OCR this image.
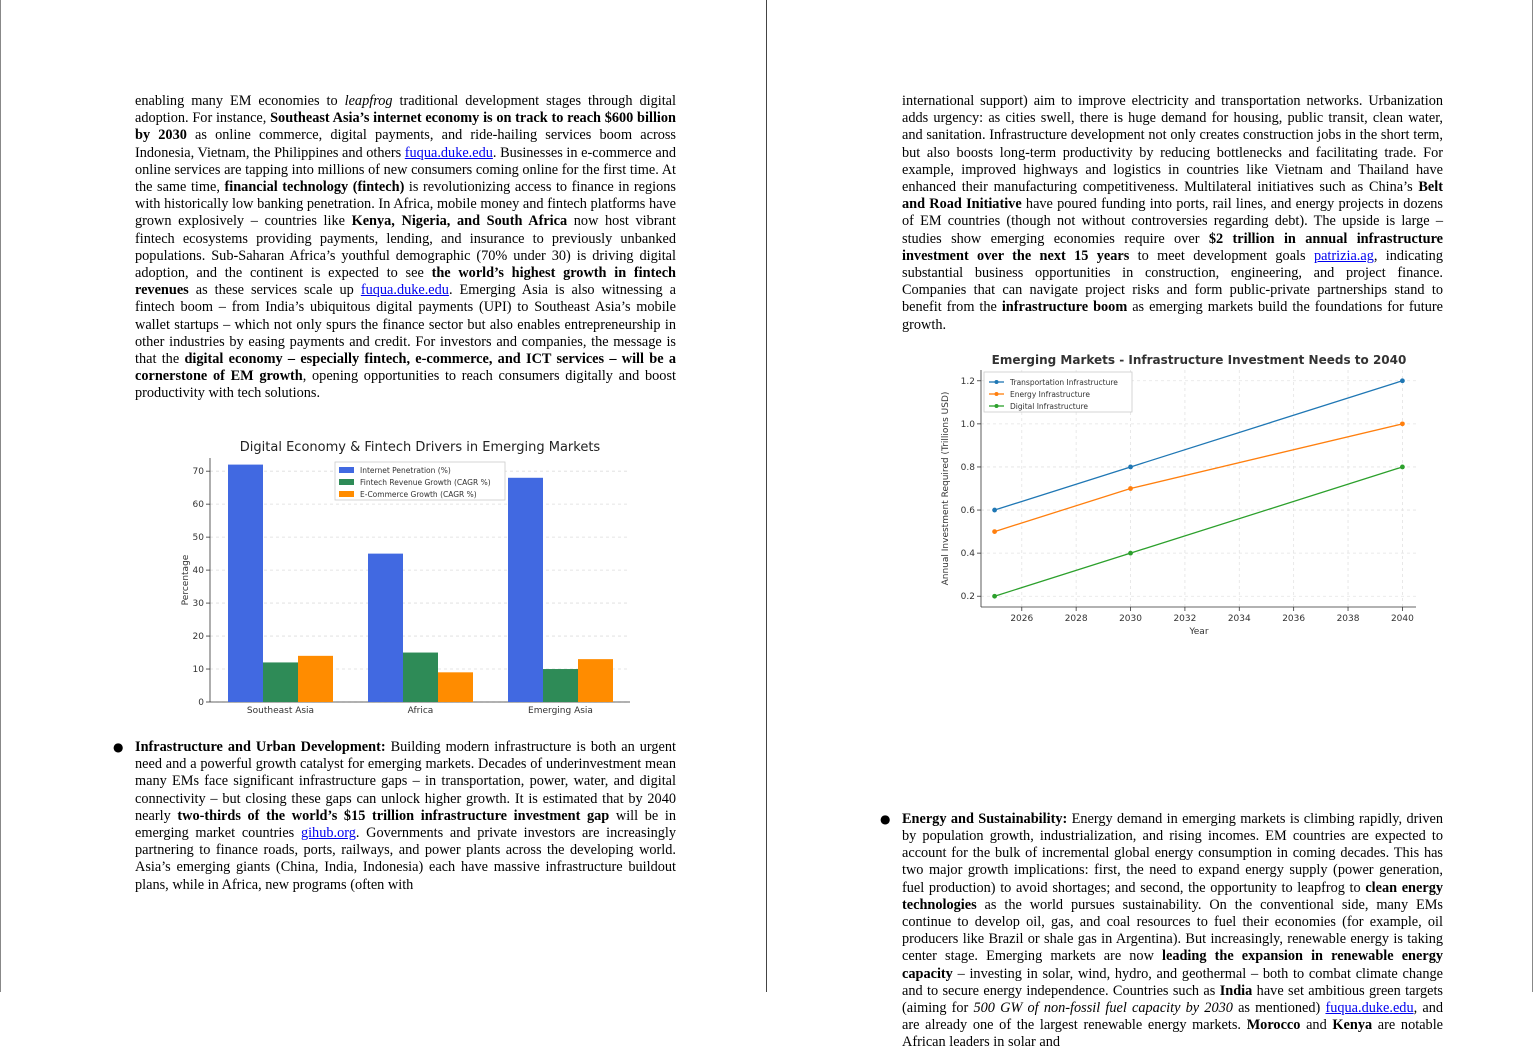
enabling many EM economies to leapfrog traditional development stages through digital adoption. For instance, Southeast Asia’s internet economy is on track to reach $600 billion by 2030 as online commerce, digital payments, and ride-hailing services boom across Indonesia, Vietnam, the Philippines and others fuqua.duke.edu. Businesses in e-commerce and online services are tapping into millions of new consumers coming online for the first time. At the same time, financial technology (fintech) is revolutionizing access to finance in regions with historically low banking penetration. In Africa, mobile money and fintech platforms have grown explosively – countries like Kenya, Nigeria, and South Africa now host vibrant fintech ecosystems providing payments, lending, and insurance to previously unbanked populations. Sub-Saharan Africa’s youthful demographic (70% under 30) is driving digital adoption, and the continent is expected to see the world’s highest growth in fintech revenues as these services scale up fuqua.duke.edu. Emerging Asia is also witnessing a fintech boom – from India’s ubiquitous digital payments (UPI) to Southeast Asia’s mobile wallet startups – which not only spurs the finance sector but also enables entrepreneurship in other industries by easing payments and credit. For investors and companies, the message is that the digital economy – especially fintech, e-commerce, and ICT services – will be a cornerstone of EM growth, opening opportunities to reach consumers digitally and boost productivity with tech solutions.

Digital Economy & Fintech Drivers in Emerging Markets
0
10
20
30
40
50
60
70
Percentage
Southeast Asia	Africa	Emerging Asia
Internet Penetration (%)
Fintech Revenue Growth (CAGR %)
E-Commerce Growth (CAGR %)
● Infrastructure and Urban Development: Building modern infrastructure is both an urgent need and a powerful growth catalyst for emerging markets. Decades of underinvestment mean many EMs face significant infrastructure gaps – in transportation, power, water, and digital connectivity – but closing these gaps can unlock higher growth. It is estimated that by 2040 nearly two-thirds of the world’s $15 trillion infrastructure investment gap will be in emerging market countries gihub.org. Governments and private investors are increasingly partnering to finance roads, ports, railways, and power plants across the developing world. Asia’s emerging giants (China, India, Indonesia) each have massive infrastructure buildout plans, while in Africa, new programs (often with

international support) aim to improve electricity and transportation networks. Urbanization adds urgency: as cities swell, there is huge demand for housing, public transit, clean water, and sanitation. Infrastructure development not only creates construction jobs in the short term, but also boosts long-term productivity by reducing bottlenecks and facilitating trade. For example, improved highways and logistics in countries like Vietnam and Thailand have enhanced their manufacturing competitiveness. Multilateral initiatives such as China’s Belt and Road Initiative have poured funding into ports, rail lines, and energy projects in dozens of EM countries (though not without controversies regarding debt). The upside is large – studies show emerging economies require over $2 trillion in annual infrastructure investment over the next 15 years to meet development goals patrizia.ag, indicating substantial business opportunities in construction, engineering, and project finance. Companies that can navigate project risks and form public-private partnerships stand to benefit from the infrastructure boom as emerging markets build the foundations for future growth.

Emerging Markets - Infrastructure Investment Needs to 2040
0.2
0.4
0.6
0.8
1.0
1.2
2026	2028	2030	2032	2034	2036	2038	2040
Year
Annual Investment Required (Trillions USD)
Transportation Infrastructure
Energy Infrastructure
Digital Infrastructure
● Energy and Sustainability: Energy demand in emerging markets is climbing rapidly, driven by population growth, industrialization, and rising incomes. EM countries are expected to account for the bulk of incremental global energy consumption in coming decades. This has two major growth implications: first, the need to expand energy supply (power generation, fuel production) to avoid shortages; and second, the opportunity to leapfrog to clean energy technologies as the world pursues sustainability. On the conventional side, many EMs continue to develop oil, gas, and coal resources to fuel their economies (for example, oil producers like Brazil or shale gas in Argentina). But increasingly, renewable energy is taking center stage. Emerging markets are now leading the expansion in renewable energy capacity – investing in solar, wind, hydro, and geothermal – both to combat climate change and to secure energy independence. Countries such as India have set ambitious green targets (aiming for 500 GW of non-fossil fuel capacity by 2030 as mentioned) fuqua.duke.edu, and are already one of the largest renewable energy markets. Morocco and Kenya are notable African leaders in solar and
